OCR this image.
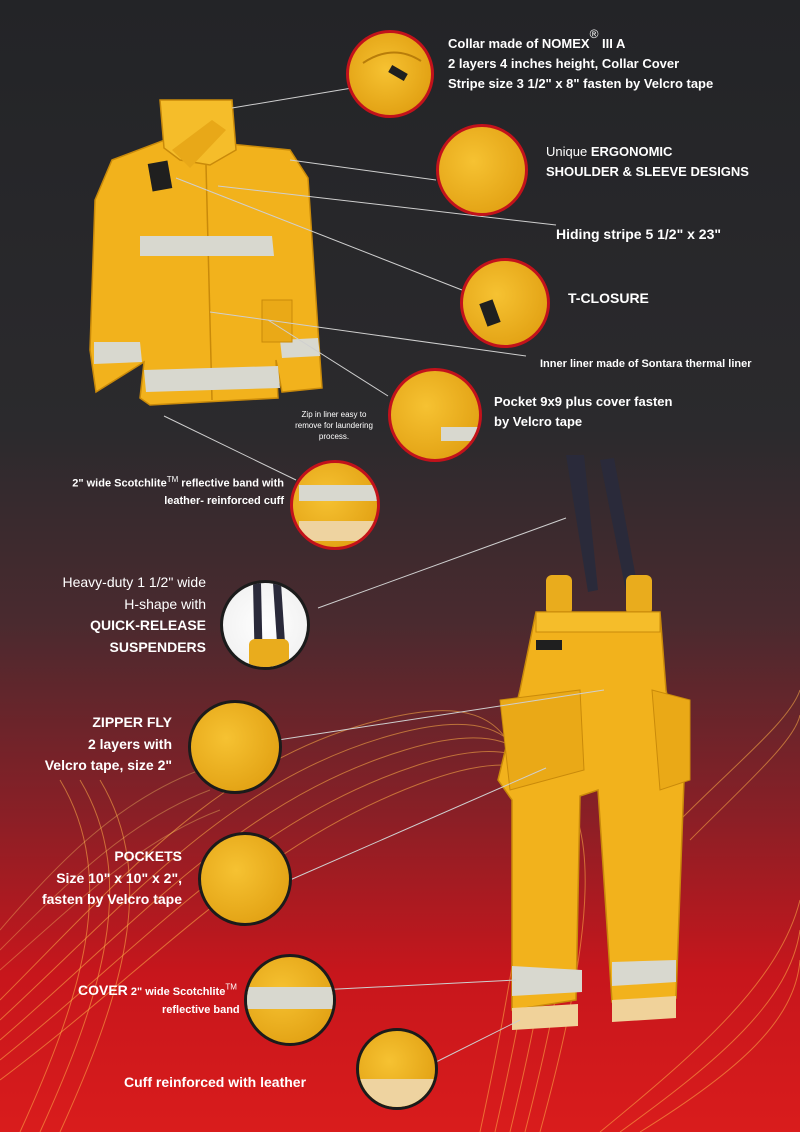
Collar made of NOMEX® III A
2 layers 4 inches height, Collar Cover
Stripe size 3 1/2" x 8" fasten by Velcro tape
Unique ERGONOMIC
SHOULDER & SLEEVE DESIGNS
Hiding stripe 5 1/2" x 23"
T-CLOSURE
Inner liner made of Sontara thermal liner
Pocket 9x9 plus cover fasten
by Velcro tape
Zip in liner easy to
remove for laundering
process.
2" wide Scotchlite™ reflective band with
leather- reinforced cuff
Heavy-duty 1 1/2" wide
H-shape with
QUICK-RELEASE
SUSPENDERS
ZIPPER FLY
2 layers with
Velcro tape, size 2"
POCKETS
Size 10" x 10" x 2",
fasten by Velcro tape
COVER 2" wide Scotchlite™
reflective band
Cuff reinforced with leather
